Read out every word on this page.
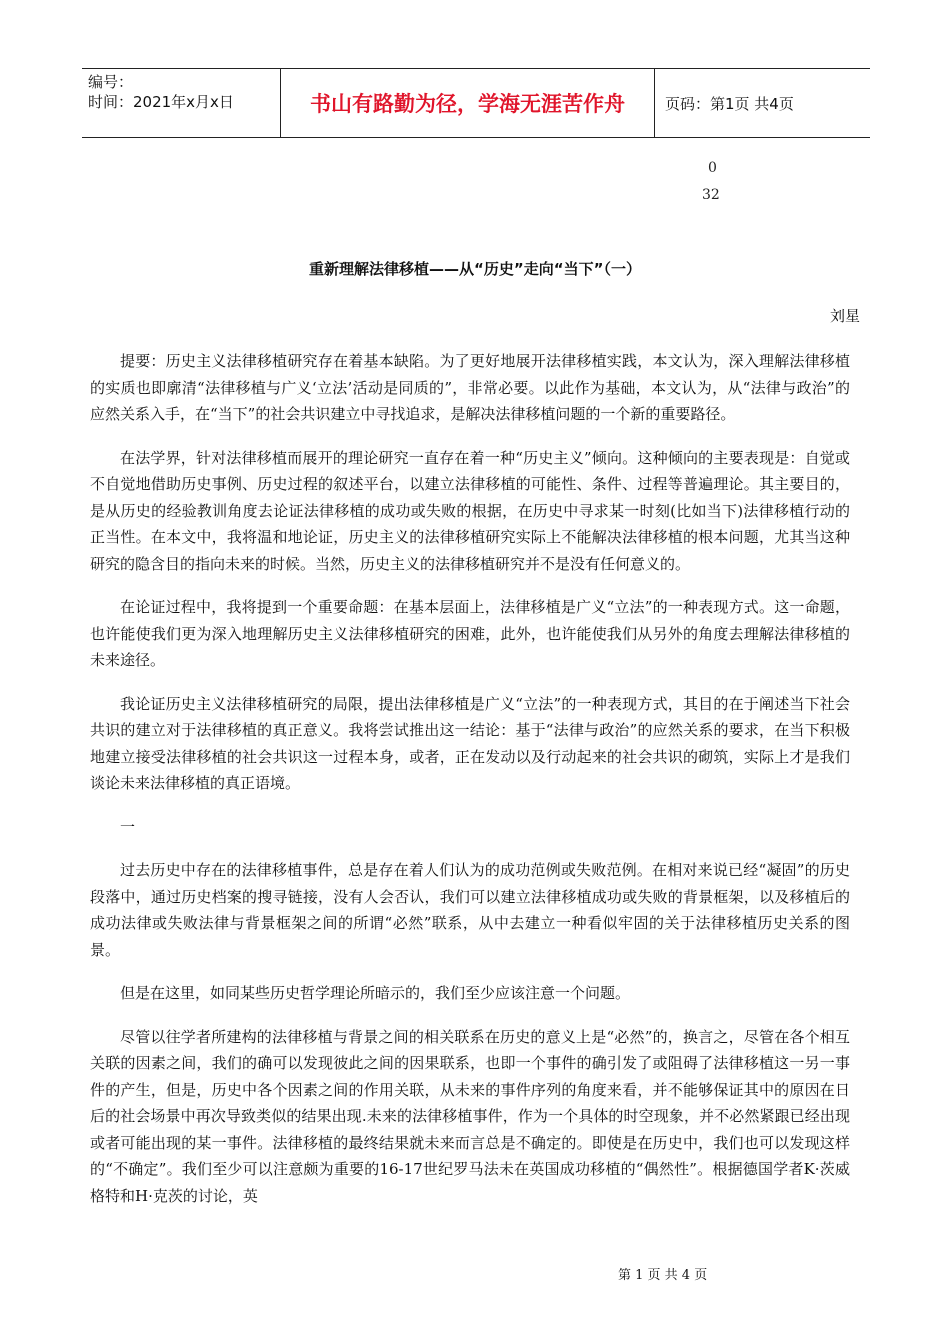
编号：
时间：2021年x月x日	书山有路勤为径，学海无涯苦作舟	页码：第1页 共4页
0
32
重新理解法律移植——从“历史”走向“当下”（一）
刘星

提要：历史主义法律移植研究存在着基本缺陷。为了更好地展开法律移植实践，本文认为，深入理解法律移植的实质也即廓清“法律移植与广义‘立法’活动是同质的”，非常必要。以此作为基础，本文认为，从“法律与政治”的应然关系入手，在“当下”的社会共识建立中寻找追求，是解决法律移植问题的一个新的重要路径。

在法学界，针对法律移植而展开的理论研究一直存在着一种“历史主义”倾向。这种倾向的主要表现是：自觉或不自觉地借助历史事例、历史过程的叙述平台，以建立法律移植的可能性、条件、过程等普遍理论。其主要目的，是从历史的经验教训角度去论证法律移植的成功或失败的根据，在历史中寻求某一时刻(比如当下)法律移植行动的正当性。在本文中，我将温和地论证，历史主义的法律移植研究实际上不能解决法律移植的根本问题，尤其当这种研究的隐含目的指向未来的时候。当然，历史主义的法律移植研究并不是没有任何意义的。

在论证过程中，我将提到一个重要命题：在基本层面上，法律移植是广义“立法”的一种表现方式。这一命题，也许能使我们更为深入地理解历史主义法律移植研究的困难，此外，也许能使我们从另外的角度去理解法律移植的未来途径。

我论证历史主义法律移植研究的局限，提出法律移植是广义“立法”的一种表现方式，其目的在于阐述当下社会共识的建立对于法律移植的真正意义。我将尝试推出这一结论：基于“法律与政治”的应然关系的要求，在当下积极地建立接受法律移植的社会共识这一过程本身，或者，正在发动以及行动起来的社会共识的砌筑，实际上才是我们谈论未来法律移植的真正语境。

一

过去历史中存在的法律移植事件，总是存在着人们认为的成功范例或失败范例。在相对来说已经“凝固”的历史段落中，通过历史档案的搜寻链接，没有人会否认，我们可以建立法律移植成功或失败的背景框架，以及移植后的成功法律或失败法律与背景框架之间的所谓“必然”联系，从中去建立一种看似牢固的关于法律移植历史关系的图景。

但是在这里，如同某些历史哲学理论所暗示的，我们至少应该注意一个问题。

尽管以往学者所建构的法律移植与背景之间的相关联系在历史的意义上是“必然”的，换言之，尽管在各个相互关联的因素之间，我们的确可以发现彼此之间的因果联系，也即一个事件的确引发了或阻碍了法律移植这一另一事件的产生，但是，历史中各个因素之间的作用关联，从未来的事件序列的角度来看，并不能够保证其中的原因在日后的社会场景中再次导致类似的结果出现.未来的法律移植事件，作为一个具体的时空现象，并不必然紧跟已经出现或者可能出现的某一事件。法律移植的最终结果就未来而言总是不确定的。即使是在历史中，我们也可以发现这样的“不确定”。我们至少可以注意颇为重要的16-17世纪罗马法未在英国成功移植的“偶然性”。根据德国学者K·茨威格特和H·克茨的讨论，英

第 1 页 共 4 页
